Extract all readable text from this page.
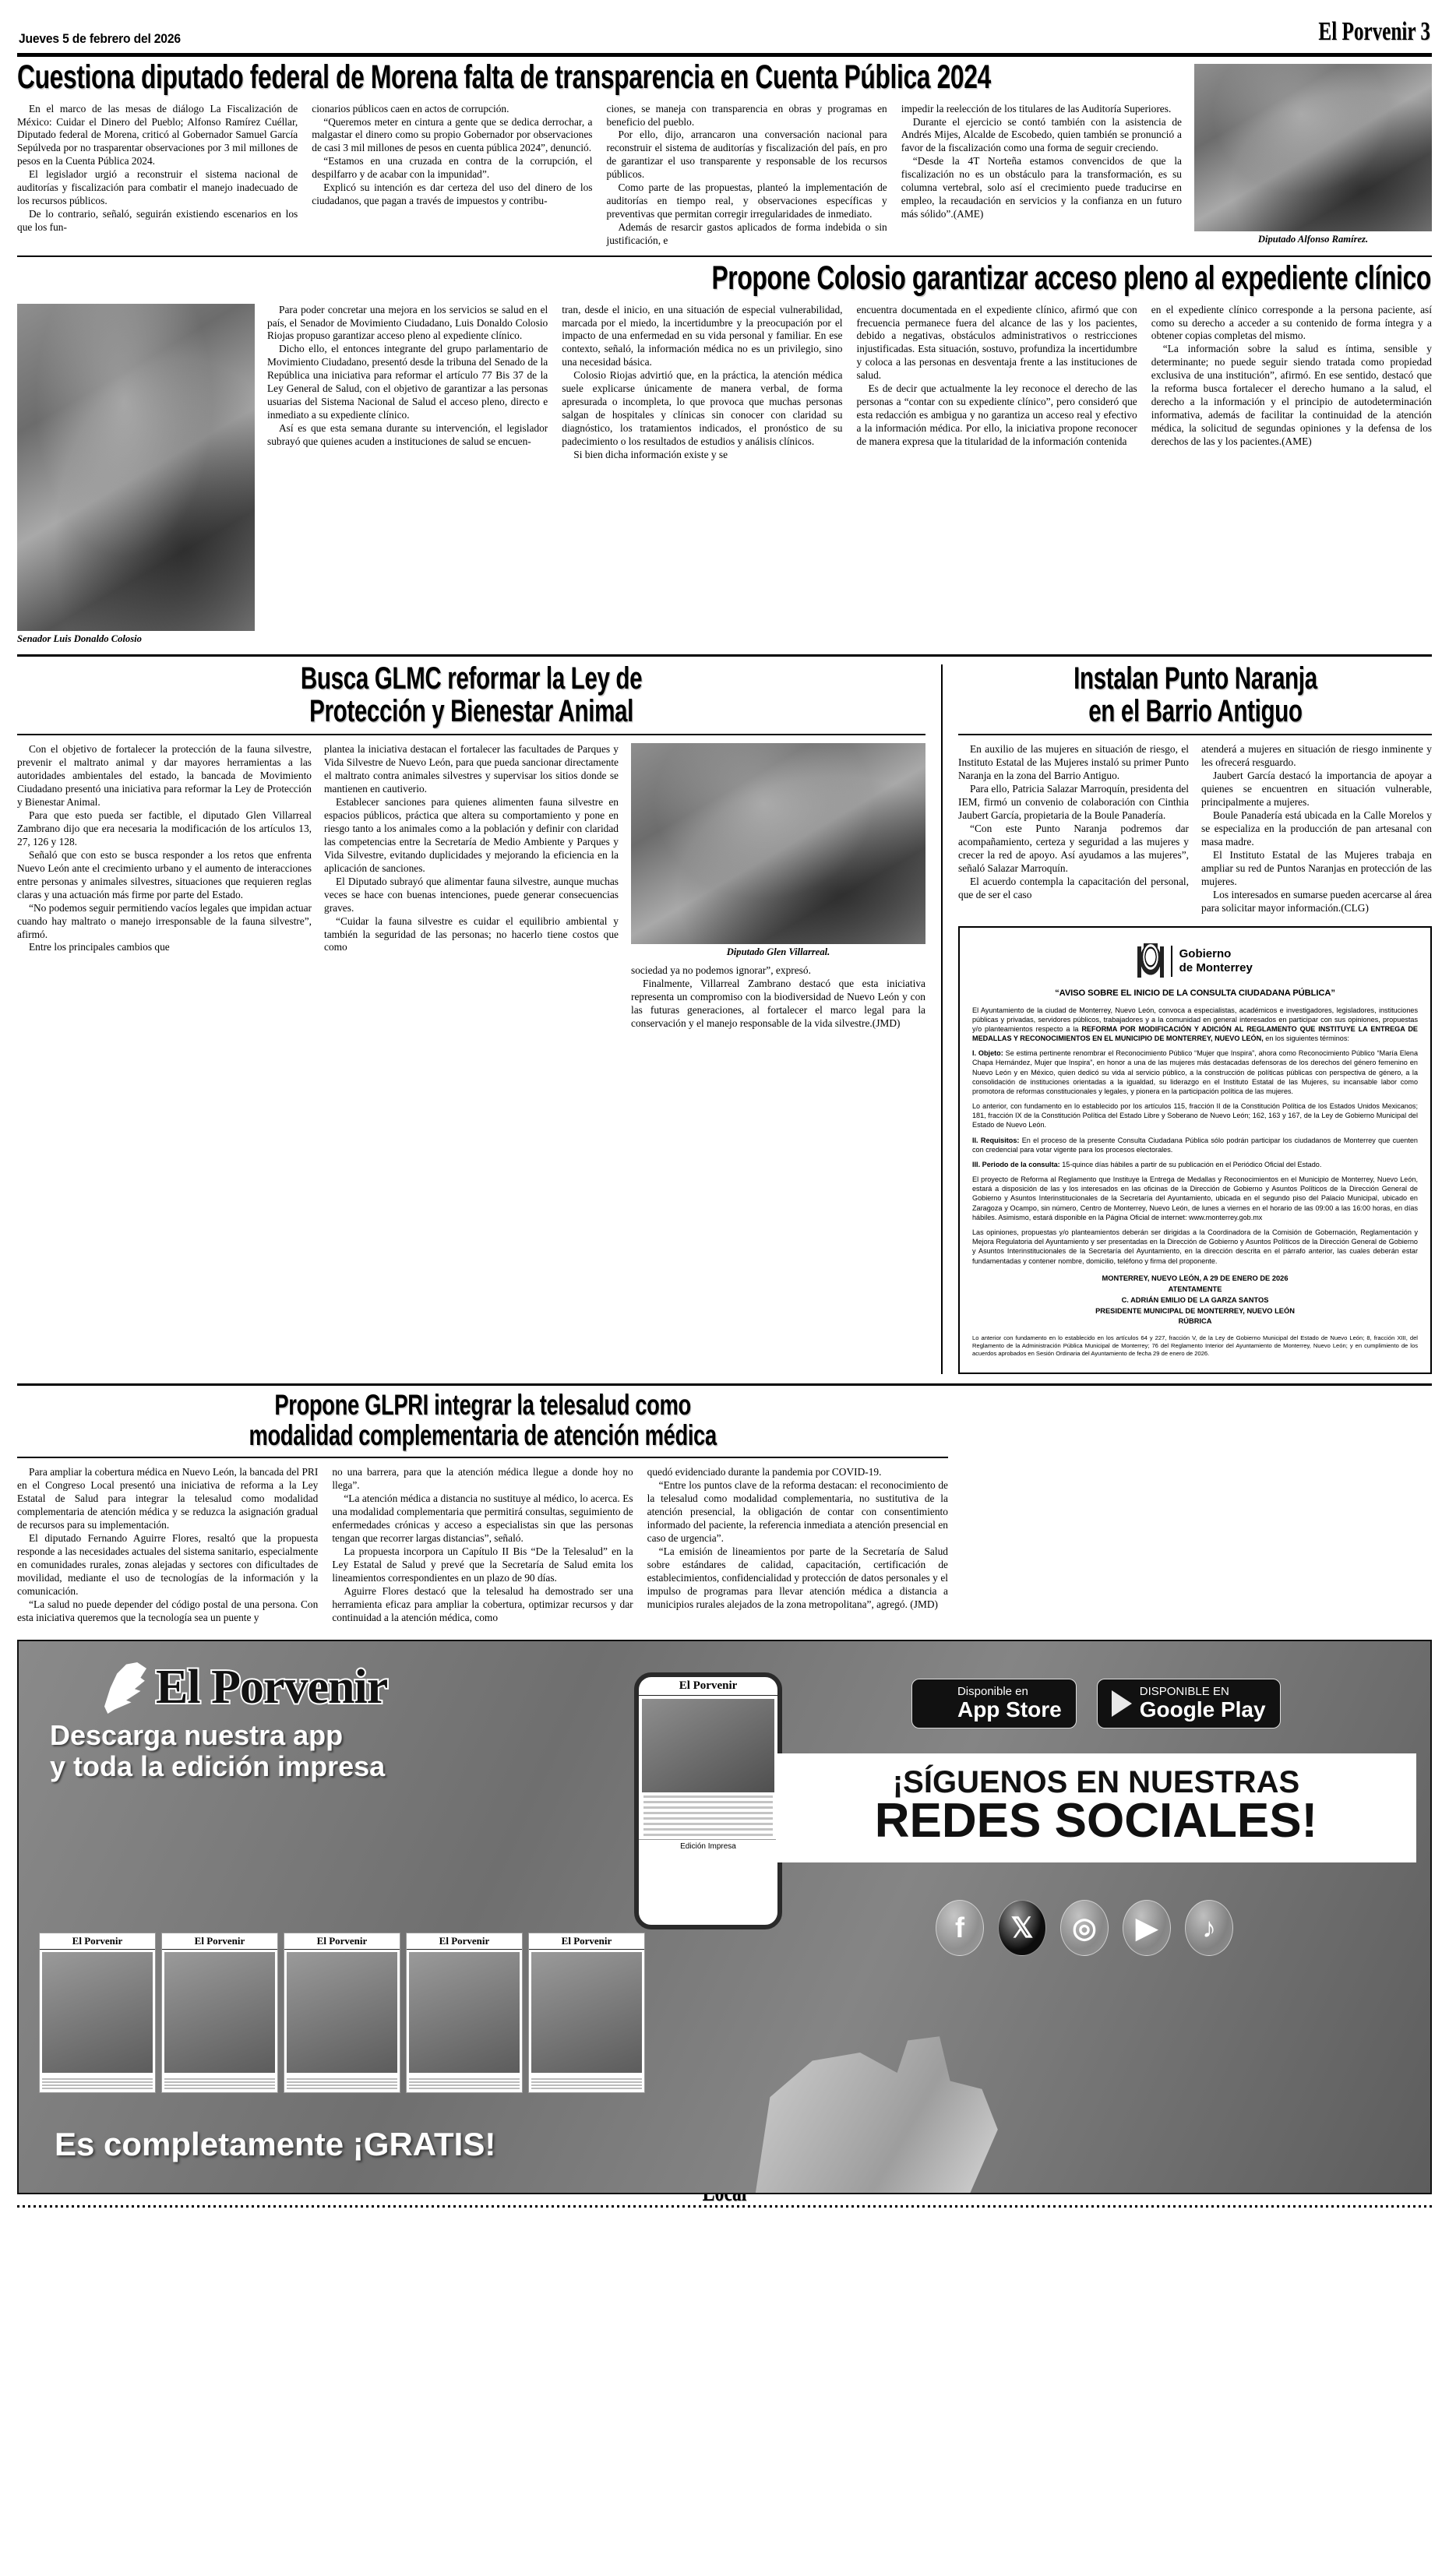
Jueves 5 de febrero del 2026	El Porvenir 3
Cuestiona diputado federal de Morena falta de transparencia en Cuenta Pública 2024

En el marco de las mesas de diálogo La Fiscalización de México: Cuidar el Dinero del Pueblo; Alfonso Ramírez Cuéllar, Diputado federal de Morena, criticó al Gobernador Samuel García Sepúlveda por no trasparentar observaciones por 3 mil millones de pesos en la Cuenta Pública 2024.

El legislador urgió a reconstruir el sistema nacional de auditorías y fiscalización para combatir el manejo inadecuado de los recursos públicos.

De lo contrario, señaló, seguirán existiendo escenarios en los que los fun-

cionarios públicos caen en actos de corrupción.

“Queremos meter en cintura a gente que se dedica derrochar, a malgastar el dinero como su propio Gobernador por observaciones de casi 3 mil millones de pesos en cuenta pública 2024”, denunció.

“Estamos en una cruzada en contra de la corrupción, el despilfarro y de acabar con la impunidad”.

Explicó su intención es dar certeza del uso del dinero de los ciudadanos, que pagan a través de impuestos y contribu-

ciones, se maneja con transparencia en obras y programas en beneficio del pueblo.

Por ello, dijo, arrancaron una conversación nacional para reconstruir el sistema de auditorías y fiscalización del país, en pro de garantizar el uso transparente y responsable de los recursos públicos.

Como parte de las propuestas, planteó la implementación de auditorías en tiempo real, y observaciones específicas y preventivas que permitan corregir irregularidades de inmediato.

Además de resarcir gastos aplicados de forma indebida o sin justificación, e

impedir la reelección de los titulares de las Auditoría Superiores.

Durante el ejercicio se contó también con la asistencia de Andrés Mijes, Alcalde de Escobedo, quien también se pronunció a favor de la fiscalización como una forma de seguir creciendo.

“Desde la 4T Norteña estamos convencidos de que la fiscalización no es un obstáculo para la transformación, es su columna vertebral, solo así el crecimiento puede traducirse en empleo, la recaudación en servicios y la confianza en un futuro más sólido”.(AME)

Diputado Alfonso Ramírez.
Propone Colosio garantizar acceso pleno al expediente clínico
Senador Luis Donaldo Colosio

Para poder concretar una mejora en los servicios se salud en el país, el Senador de Movimiento Ciudadano, Luis Donaldo Colosio Riojas propuso garantizar acceso pleno al expediente clínico.

Dicho ello, el entonces integrante del grupo parlamentario de Movimiento Ciudadano, presentó desde la tribuna del Senado de la República una iniciativa para reformar el artículo 77 Bis 37 de la Ley General de Salud, con el objetivo de garantizar a las personas usuarias del Sistema Nacional de Salud el acceso pleno, directo e inmediato a su expediente clínico.

Así es que esta semana durante su intervención, el legislador subrayó que quienes acuden a instituciones de salud se encuen-

tran, desde el inicio, en una situación de especial vulnerabilidad, marcada por el miedo, la incertidumbre y la preocupación por el impacto de una enfermedad en su vida personal y familiar. En ese contexto, señaló, la información médica no es un privilegio, sino una necesidad básica.

Colosio Riojas advirtió que, en la práctica, la atención médica suele explicarse únicamente de manera verbal, de forma apresurada o incompleta, lo que provoca que muchas personas salgan de hospitales y clínicas sin conocer con claridad su diagnóstico, los tratamientos indicados, el pronóstico de su padecimiento o los resultados de estudios y análisis clínicos.

Si bien dicha información existe y se

encuentra documentada en el expediente clínico, afirmó que con frecuencia permanece fuera del alcance de las y los pacientes, debido a negativas, obstáculos administrativos o restricciones injustificadas. Esta situación, sostuvo, profundiza la incertidumbre y coloca a las personas en desventaja frente a las instituciones de salud.

Es de decir que actualmente la ley reconoce el derecho de las personas a “contar con su expediente clínico”, pero consideró que esta redacción es ambigua y no garantiza un acceso real y efectivo a la información médica. Por ello, la iniciativa propone reconocer de manera expresa que la titularidad de la información contenida

en el expediente clínico corresponde a la persona paciente, así como su derecho a acceder a su contenido de forma íntegra y a obtener copias completas del mismo.

“La información sobre la salud es íntima, sensible y determinante; no puede seguir siendo tratada como propiedad exclusiva de una institución”, afirmó. En ese sentido, destacó que la reforma busca fortalecer el derecho humano a la salud, el derecho a la información y el principio de autodeterminación informativa, además de facilitar la continuidad de la atención médica, la solicitud de segundas opiniones y la defensa de los derechos de las y los pacientes.(AME)

Busca GLMC reformar la Ley de
Protección y Bienestar Animal

Con el objetivo de fortalecer la protección de la fauna silvestre, prevenir el maltrato animal y dar mayores herramientas a las autoridades ambientales del estado, la bancada de Movimiento Ciudadano presentó una iniciativa para reformar la Ley de Protección y Bienestar Animal.

Para que esto pueda ser factible, el diputado Glen Villarreal Zambrano dijo que era necesaria la modificación de los artículos 13, 27, 126 y 128.

Señaló que con esto se busca responder a los retos que enfrenta Nuevo León ante el crecimiento urbano y el aumento de interacciones entre personas y animales silvestres, situaciones que requieren reglas claras y una actuación más firme por parte del Estado.

“No podemos seguir permitiendo vacíos legales que impidan actuar cuando hay maltrato o manejo irresponsable de la fauna silvestre”, afirmó.

Entre los principales cambios que

plantea la iniciativa destacan el fortalecer las facultades de Parques y Vida Silvestre de Nuevo León, para que pueda sancionar directamente el maltrato contra animales silvestres y supervisar los sitios donde se mantienen en cautiverio.

Establecer sanciones para quienes alimenten fauna silvestre en espacios públicos, práctica que altera su comportamiento y pone en riesgo tanto a los animales como a la población y definir con claridad las competencias entre la Secretaría de Medio Ambiente y Parques y Vida Silvestre, evitando duplicidades y mejorando la eficiencia en la aplicación de sanciones.

El Diputado subrayó que alimentar fauna silvestre, aunque muchas veces se hace con buenas intenciones, puede generar consecuencias graves.

“Cuidar la fauna silvestre es cuidar el equilibrio ambiental y también la seguridad de las personas; no hacerlo tiene costos que como	Diputado Glen Villarreal.

sociedad ya no podemos ignorar”, expresó.

Finalmente, Villarreal Zambrano destacó que esta iniciativa representa un compromiso con la biodiversidad de Nuevo León y con las futuras generaciones, al fortalecer el marco legal para la conservación y el manejo responsable de la vida silvestre.(JMD)

Instalan Punto Naranja
en el Barrio Antiguo

En auxilio de las mujeres en situación de riesgo, el Instituto Estatal de las Mujeres instaló su primer Punto Naranja en la zona del Barrio Antiguo.

Para ello, Patricia Salazar Marroquín, presidenta del IEM, firmó un convenio de colaboración con Cinthia Jaubert García, propietaria de la Boule Panadería.

“Con este Punto Naranja podremos dar acompañamiento, certeza y seguridad a las mujeres y crecer la red de apoyo. Así ayudamos a las mujeres”, señaló Salazar Marroquín.

El acuerdo contempla la capacitación del personal, que de ser el caso

atenderá a mujeres en situación de riesgo inminente y les ofrecerá resguardo.

Jaubert García destacó la importancia de apoyar a quienes se encuentren en situación vulnerable, principalmente a mujeres.

Boule Panadería está ubicada en la Calle Morelos y se especializa en la producción de pan artesanal con masa madre.

El Instituto Estatal de las Mujeres trabaja en ampliar su red de Puntos Naranjas en protección de las mujeres.

Los interesados en sumarse pueden acercarse al área para solicitar mayor información.(CLG)

Gobierno
de Monterrey
“AVISO SOBRE EL INICIO DE LA CONSULTA CIUDADANA PÚBLICA”

El Ayuntamiento de la ciudad de Monterrey, Nuevo León, convoca a especialistas, académicos e investigadores, legisladores, instituciones públicas y privadas, servidores públicos, trabajadores y a la comunidad en general interesados en participar con sus opiniones, propuestas y/o planteamientos respecto a la REFORMA POR MODIFICACIÓN Y ADICIÓN AL REGLAMENTO QUE INSTITUYE LA ENTREGA DE MEDALLAS Y RECONOCIMIENTOS EN EL MUNICIPIO DE MONTERREY, NUEVO LEÓN, en los siguientes términos:

I. Objeto: Se estima pertinente renombrar el Reconocimiento Público “Mujer que Inspira”, ahora como Reconocimiento Público “María Elena Chapa Hernández, Mujer que Inspira”, en honor a una de las mujeres más destacadas defensoras de los derechos del género femenino en Nuevo León y en México, quien dedicó su vida al servicio público, a la construcción de políticas públicas con perspectiva de género, a la consolidación de instituciones orientadas a la igualdad, su liderazgo en el Instituto Estatal de las Mujeres, su incansable labor como promotora de reformas constitucionales y legales, y pionera en la participación política de las mujeres.

Lo anterior, con fundamento en lo establecido por los artículos 115, fracción II de la Constitución Política de los Estados Unidos Mexicanos; 181, fracción IX de la Constitución Política del Estado Libre y Soberano de Nuevo León; 162, 163 y 167, de la Ley de Gobierno Municipal del Estado de Nuevo León.

II. Requisitos: En el proceso de la presente Consulta Ciudadana Pública sólo podrán participar los ciudadanos de Monterrey que cuenten con credencial para votar vigente para los procesos electorales.

III. Periodo de la consulta: 15-quince días hábiles a partir de su publicación en el Periódico Oficial del Estado.

El proyecto de Reforma al Reglamento que Instituye la Entrega de Medallas y Reconocimientos en el Municipio de Monterrey, Nuevo León, estará a disposición de las y los interesados en las oficinas de la Dirección de Gobierno y Asuntos Políticos de la Dirección General de Gobierno y Asuntos Interinstitucionales de la Secretaría del Ayuntamiento, ubicada en el segundo piso del Palacio Municipal, ubicado en Zaragoza y Ocampo, sin número, Centro de Monterrey, Nuevo León, de lunes a viernes en el horario de las 09:00 a las 16:00 horas, en días hábiles. Asimismo, estará disponible en la Página Oficial de internet: www.monterrey.gob.mx

Las opiniones, propuestas y/o planteamientos deberán ser dirigidas a la Coordinadora de la Comisión de Gobernación, Reglamentación y Mejora Regulatoria del Ayuntamiento y ser presentadas en la Dirección de Gobierno y Asuntos Políticos de la Dirección General de Gobierno y Asuntos Interinstitucionales de la Secretaría del Ayuntamiento, en la dirección descrita en el párrafo anterior, las cuales deberán estar fundamentadas y contener nombre, domicilio, teléfono y firma del proponente.

MONTERREY, NUEVO LEÓN, A 29 DE ENERO DE 2026
ATENTAMENTE
C. ADRIÁN EMILIO DE LA GARZA SANTOS
PRESIDENTE MUNICIPAL DE MONTERREY, NUEVO LEÓN
RÚBRICA

Lo anterior con fundamento en lo establecido en los artículos 64 y 227, fracción V, de la Ley de Gobierno Municipal del Estado de Nuevo León; 8, fracción XIII, del Reglamento de la Administración Pública Municipal de Monterrey; 76 del Reglamento Interior del Ayuntamiento de Monterrey, Nuevo León; y en cumplimiento de los acuerdos aprobados en Sesión Ordinaria del Ayuntamiento de fecha 29 de enero de 2026.

Propone GLPRI integrar la telesalud como
modalidad complementaria de atención médica

Para ampliar la cobertura médica en Nuevo León, la bancada del PRI en el Congreso Local presentó una iniciativa de reforma a la Ley Estatal de Salud para integrar la telesalud como modalidad complementaria de atención médica y se reduzca la asignación gradual de recursos para su implementación.

El diputado Fernando Aguirre Flores, resaltó que la propuesta responde a las necesidades actuales del sistema sanitario, especialmente en comunidades rurales, zonas alejadas y sectores con dificultades de movilidad, mediante el uso de tecnologías de la información y la comunicación.

“La salud no puede depender del código postal de una persona. Con esta iniciativa queremos que la tecnología sea un puente y

no una barrera, para que la atención médica llegue a donde hoy no llega”.

“La atención médica a distancia no sustituye al médico, lo acerca. Es una modalidad complementaria que permitirá consultas, seguimiento de enfermedades crónicas y acceso a especialistas sin que las personas tengan que recorrer largas distancias”, señaló.

La propuesta incorpora un Capítulo II Bis “De la Telesalud” en la Ley Estatal de Salud y prevé que la Secretaría de Salud emita los lineamientos correspondientes en un plazo de 90 días.

Aguirre Flores destacó que la telesalud ha demostrado ser una herramienta eficaz para ampliar la cobertura, optimizar recursos y dar continuidad a la atención médica, como

quedó evidenciado durante la pandemia por COVID-19.

“Entre los puntos clave de la reforma destacan: el reconocimiento de la telesalud como modalidad complementaria, no sustitutiva de la atención presencial, la obligación de contar con consentimiento informado del paciente, la referencia inmediata a atención presencial en caso de urgencia”.

“La emisión de lineamientos por parte de la Secretaría de Salud sobre estándares de calidad, capacitación, certificación de establecimientos, confidencialidad y protección de datos personales y el impulso de programas para llevar atención médica a distancia a municipios rurales alejados de la zona metropolitana”, agregó. (JMD)

El Porvenir
Descarga nuestra app
y toda la edición impresa
El Porvenir	El Porvenir	El Porvenir	El Porvenir	El Porvenir
Es completamente ¡GRATIS!
El Porvenir
Edición Impresa
Disponible en
App Store
DISPONIBLE EN
Google Play
¡SÍGUENOS EN NUESTRAS
REDES SOCIALES!
f	𝕏	◎	▶	♪
